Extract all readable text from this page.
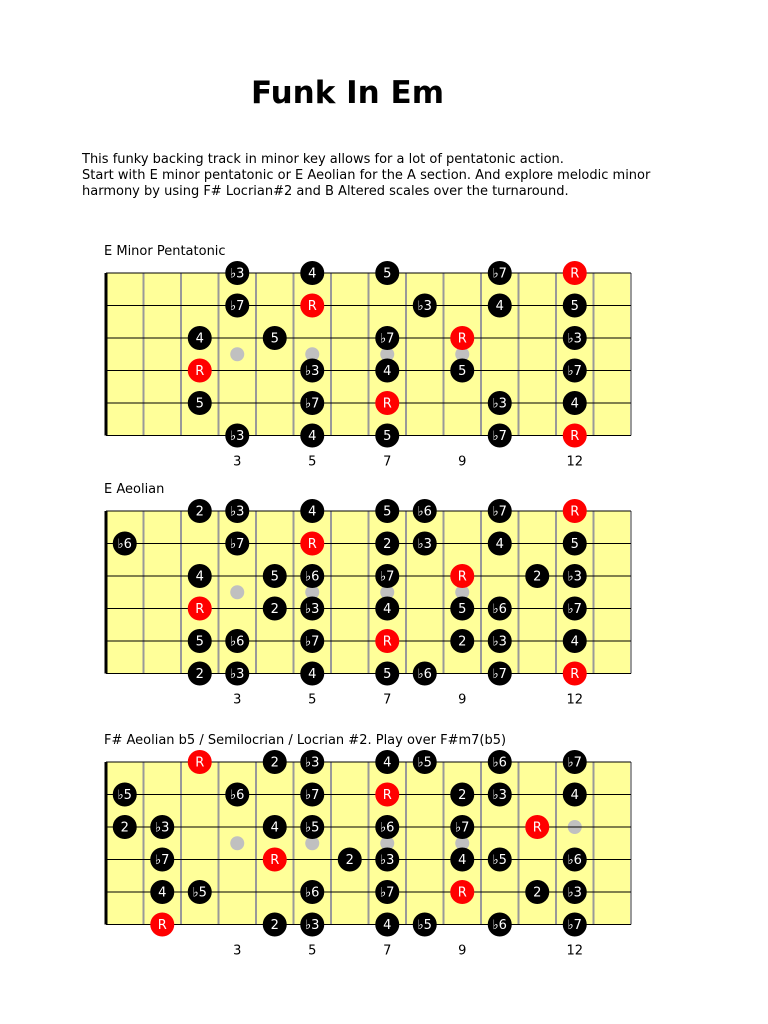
Funk In Em
This funky backing track in minor key allows for a lot of pentatonic action.
Start with E minor pentatonic or E Aeolian for the A section. And explore melodic minor
harmony by using F# Locrian#2 and B Altered scales over the turnaround.
E Minor Pentatonic
♭3	4	5	♭7	R
♭7	R	♭3	4	5
4	5	♭7	R	♭3
R	♭3	4	5	♭7
5	♭7	R	♭3	4
♭3	4	5	♭7	R
3	5	7	9	12
E Aeolian
2 ♭3	4	5 ♭6	♭7	R
♭6	♭7	R	2 ♭3	4	5
4	5 ♭6	♭7	R	2 ♭3
R	2 ♭3	4	5 ♭6	♭7
5 ♭6	♭7	R	2 ♭3	4
2 ♭3	4	5 ♭6	♭7	R
3	5	7	9	12
F# Aeolian b5 / Semilocrian / Locrian #2. Play over F#m7(b5)
R	2 ♭3	4 ♭5	♭6	♭7
♭5	♭6	♭7	R	2 ♭3	4
2 ♭3	4 ♭5	♭6	♭7	R
♭7	R	2 ♭3	4 ♭5	♭6
4 ♭5	♭6	♭7	R	2 ♭3
R	2 ♭3	4 ♭5	♭6	♭7
3	5	7	9	12
